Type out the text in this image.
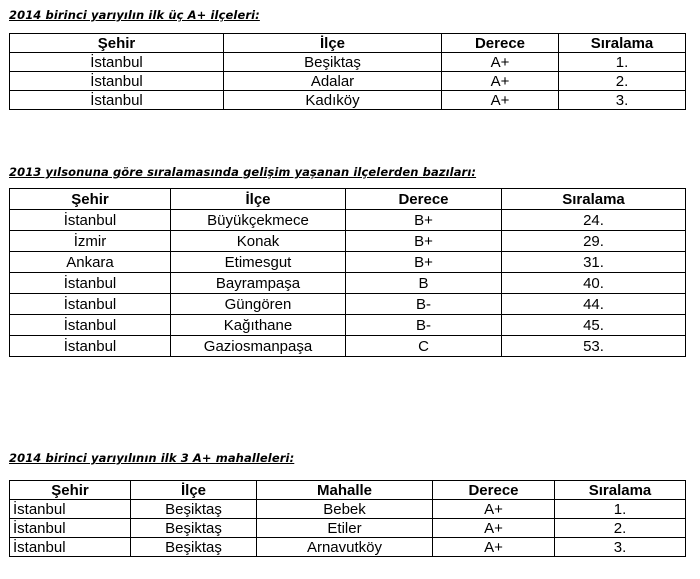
2014 birinci yarıyılın ilk üç A+ ilçeleri:
Şehir	İlçe	Derece	Sıralama
İstanbul	Beşiktaş	A+	1.
İstanbul	Adalar	A+	2.
İstanbul	Kadıköy	A+	3.
2013 yılsonuna göre sıralamasında gelişim yaşanan ilçelerden bazıları:
Şehir	İlçe	Derece	Sıralama
İstanbul	Büyükçekmece	B+	24.
İzmir	Konak	B+	29.
Ankara	Etimesgut	B+	31.
İstanbul	Bayrampaşa	B	40.
İstanbul	Güngören	B-	44.
İstanbul	Kağıthane	B-	45.
İstanbul	Gaziosmanpaşa	C	53.
2014 birinci yarıyılının ilk 3 A+ mahalleleri:
Şehir	İlçe	Mahalle	Derece	Sıralama
İstanbul	Beşiktaş	Bebek	A+	1.
İstanbul	Beşiktaş	Etiler	A+	2.
İstanbul	Beşiktaş	Arnavutköy	A+	3.
